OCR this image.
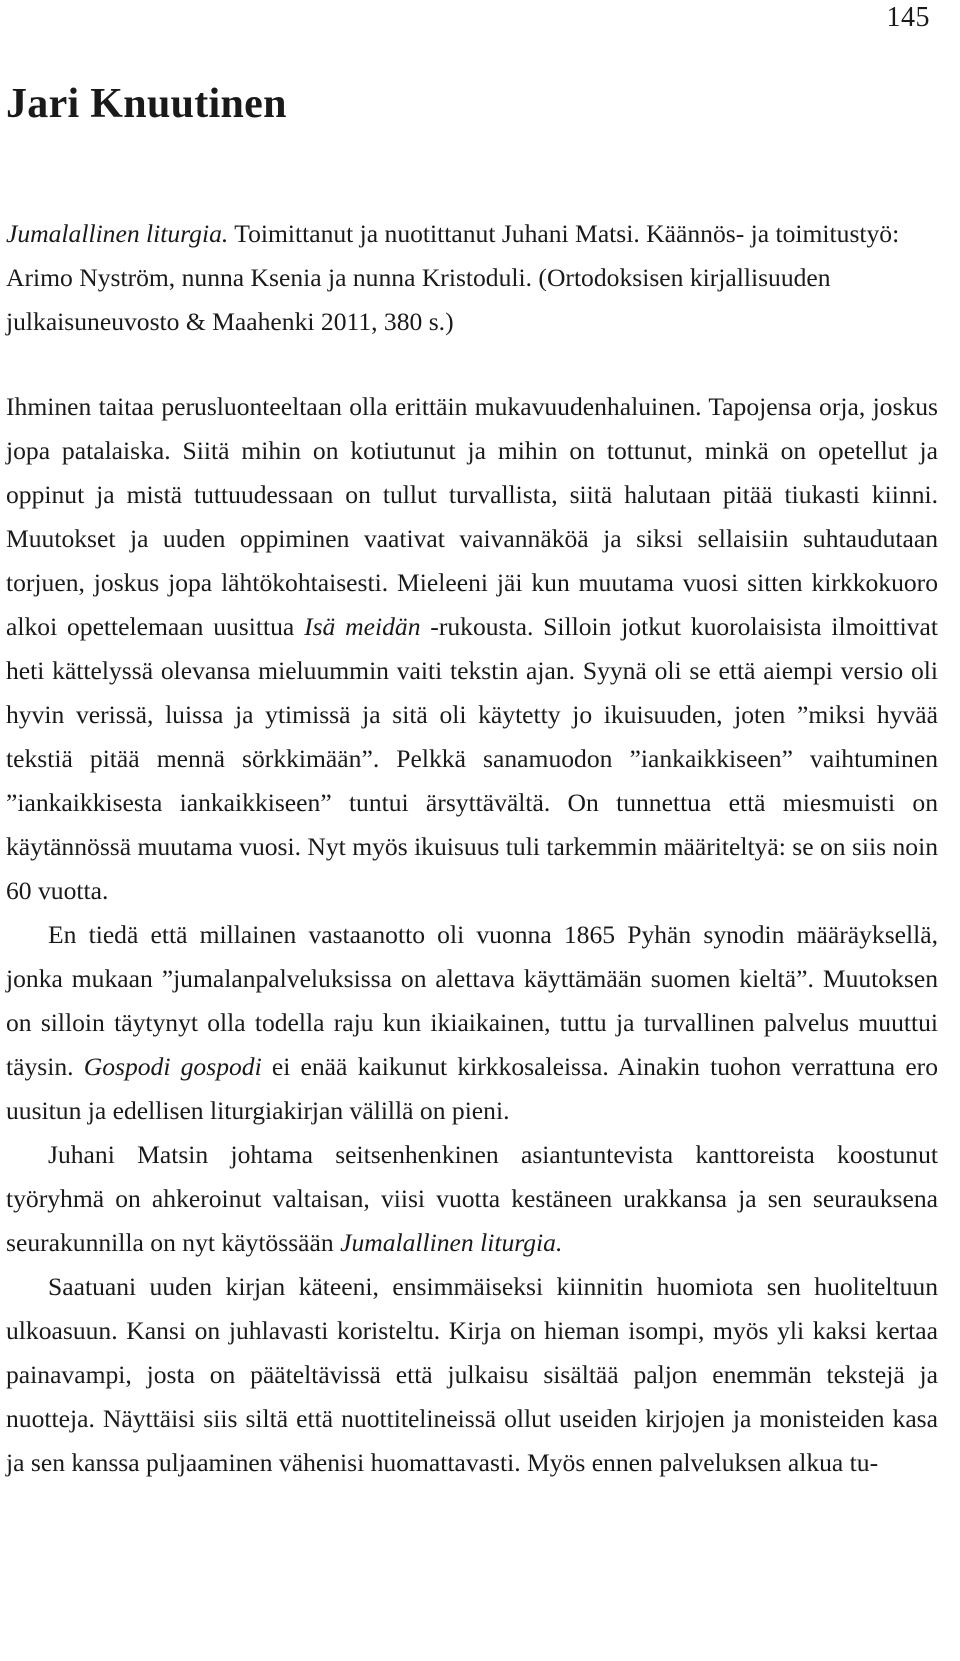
145
Jari Knuutinen

Jumalallinen liturgia. Toimittanut ja nuotittanut Juhani Matsi. Käännös- ja toimitustyö: Arimo Nyström, nunna Ksenia ja nunna Kristoduli. (Ortodoksisen kirjallisuuden julkaisuneuvosto & Maahenki 2011, 380 s.)

Ihminen taitaa perusluonteeltaan olla erittäin mukavuudenhaluinen. Tapojensa orja, joskus jopa patalaiska. Siitä mihin on kotiutunut ja mihin on tottunut, minkä on opetellut ja oppinut ja mistä tuttuudessaan on tullut turvallista, siitä halutaan pitää tiukasti kiinni. Muutokset ja uuden oppiminen vaativat vaivannäköä ja siksi sellaisiin suhtaudutaan torjuen, joskus jopa lähtökohtaisesti. Mieleeni jäi kun muutama vuosi sitten kirkkokuoro alkoi opettelemaan uusittua Isä meidän -rukousta. Silloin jotkut kuorolaisista ilmoittivat heti kättelyssä olevansa mieluummin vaiti tekstin ajan. Syynä oli se että aiempi versio oli hyvin verissä, luissa ja ytimissä ja sitä oli käytetty jo ikuisuuden, joten ”miksi hyvää tekstiä pitää mennä sörkkimään”. Pelkkä sanamuodon ”iankaikkiseen” vaihtuminen ”iankaikkisesta iankaikkiseen” tuntui ärsyttävältä. On tunnettua että miesmuisti on käytännössä muutama vuosi. Nyt myös ikuisuus tuli tarkemmin määriteltyä: se on siis noin 60 vuotta.

En tiedä että millainen vastaanotto oli vuonna 1865 Pyhän synodin määräyksellä, jonka mukaan ”jumalanpalveluksissa on alettava käyttämään suomen kieltä”. Muutoksen on silloin täytynyt olla todella raju kun ikiaikainen, tuttu ja turvallinen palvelus muuttui täysin. Gospodi gospodi ei enää kaikunut kirkkosaleissa. Ainakin tuohon verrattuna ero uusitun ja edellisen liturgiakirjan välillä on pieni.

Juhani Matsin johtama seitsenhenkinen asiantuntevista kanttoreista koostunut työryhmä on ahkeroinut valtaisan, viisi vuotta kestäneen urakkansa ja sen seurauksena seurakunnilla on nyt käytössään Jumalallinen liturgia.

Saatuani uuden kirjan käteeni, ensimmäiseksi kiinnitin huomiota sen huoliteltuun ulkoasuun. Kansi on juhlavasti koristeltu. Kirja on hieman isompi, myös yli kaksi kertaa painavampi, josta on pääteltävissä että julkaisu sisältää paljon enemmän tekstejä ja nuotteja. Näyttäisi siis siltä että nuottitelineissä ollut useiden kirjojen ja monisteiden kasa ja sen kanssa puljaaminen vähenisi huomattavasti. Myös ennen palveluksen alkua tu-
